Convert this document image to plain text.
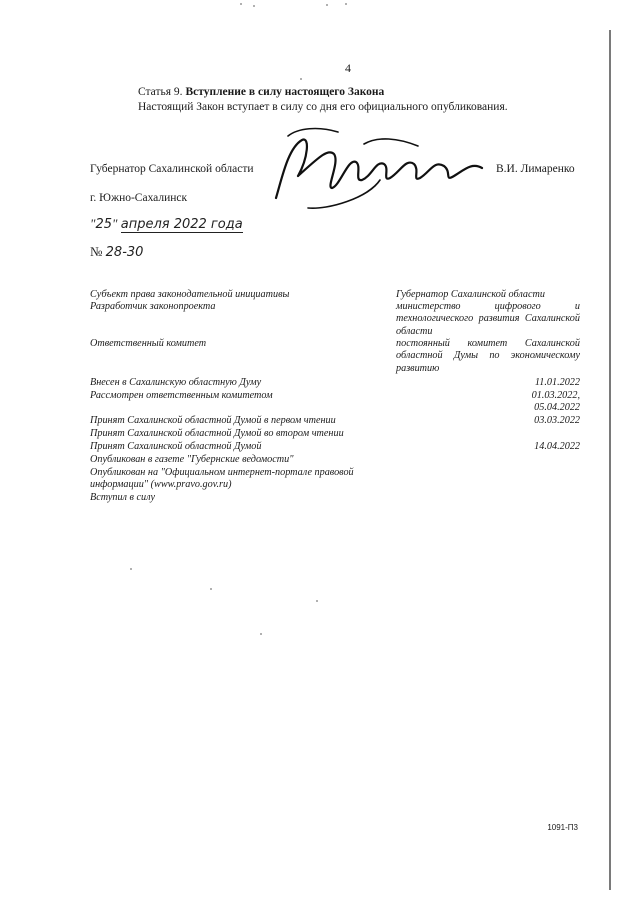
4
Статья 9. Вступление в силу настоящего Закона
Настоящий Закон вступает в силу со дня его официального опубликования.
Губернатор Сахалинской области	В.И. Лимаренко
г. Южно-Сахалинск
"25" апреля 2022 года
№ 28-30
Субъект права законодательной инициативы	Губернатор Сахалинской области
Разработчик законопроекта	министерство цифрового и технологического развития Сахалинской области
Ответственный комитет	постоянный комитет Сахалинской областной Думы по экономическому развитию
Внесен в Сахалинскую областную Думу	11.01.2022
Рассмотрен ответственным комитетом	01.03.2022,
05.04.2022
Принят Сахалинской областной Думой в первом чтении	03.03.2022
Принят Сахалинской областной Думой во втором чтении
Принят Сахалинской областной Думой	14.04.2022
Опубликован в газете "Губернские ведомости"
Опубликован на "Официальном интернет-портале правовой
информации" (www.pravo.gov.ru)
Вступил в силу
1091-П3
